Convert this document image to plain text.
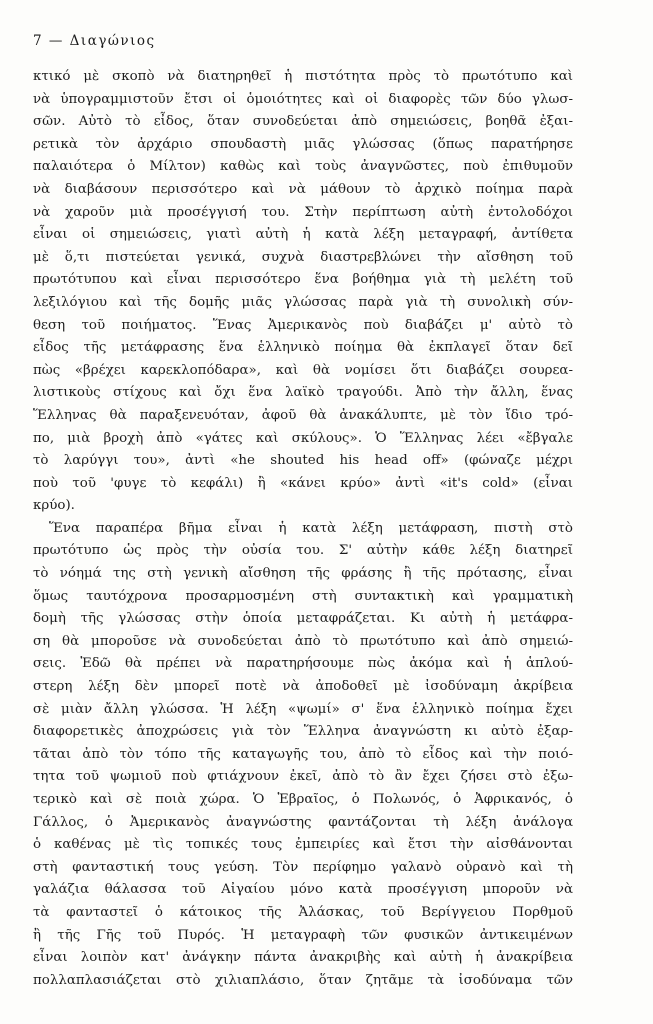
7 — Διαγώνιος
κτικό μὲ σκοπὸ νὰ διατηρηθεῖ ἡ πιστότητα πρὸς τὸ πρωτότυπο καὶ
νὰ ὑπογραμμιστοῦν ἔτσι οἱ ὁμοιότητες καὶ οἱ διαφορὲς τῶν δύο γλωσ-
σῶν. Αὐτὸ τὸ εἶδος, ὅταν συνοδεύεται ἀπὸ σημειώσεις, βοηθᾶ ἐξαι-
ρετικὰ τὸν ἀρχάριο σπουδαστὴ μιᾶς γλώσσας (ὅπως παρατήρησε
παλαιότερα ὁ Μίλτον) καθὼς καὶ τοὺς ἀναγνῶστες, ποὺ ἐπιθυμοῦν
νὰ διαβάσουν περισσότερο καὶ νὰ μάθουν τὸ ἀρχικὸ ποίημα παρὰ
νὰ χαροῦν μιὰ προσέγγισή του. Στὴν περίπτωση αὐτὴ ἐντολοδόχοι
εἶναι οἱ σημειώσεις, γιατὶ αὐτὴ ἡ κατὰ λέξη μεταγραφή, ἀντίθετα
μὲ ὅ,τι πιστεύεται γενικά, συχνὰ διαστρεβλώνει τὴν αἴσθηση τοῦ
πρωτότυπου καὶ εἶναι περισσότερο ἕνα βοήθημα γιὰ τὴ μελέτη τοῦ
λεξιλόγιου καὶ τῆς δομῆς μιᾶς γλώσσας παρὰ γιὰ τὴ συνολικὴ σύν-
θεση τοῦ ποιήματος. Ἕνας Ἀμερικανὸς ποὺ διαβάζει μ' αὐτὸ τὸ
εἶδος τῆς μετάφρασης ἕνα ἑλληνικὸ ποίημα θὰ ἐκπλαγεῖ ὅταν δεῖ
πὼς «βρέχει καρεκλοπόδαρα», καὶ θὰ νομίσει ὅτι διαβάζει σουρεα-
λιστικοὺς στίχους καὶ ὄχι ἕνα λαϊκὸ τραγούδι. Ἀπὸ τὴν ἄλλη, ἕνας
Ἕλληνας θὰ παραξενευόταν, ἀφοῦ θὰ ἀνακάλυπτε, μὲ τὸν ἴδιο τρό-
πο, μιὰ βροχὴ ἀπὸ «γάτες καὶ σκύλους». Ὁ Ἕλληνας λέει «ἔβγαλε
τὸ λαρύγγι του», ἀντὶ «he shouted his head off» (φώναζε μέχρι
ποὺ τοῦ 'φυγε τὸ κεφάλι) ἢ «κάνει κρύο» ἀντὶ «it's cold» (εἶναι
κρύο).
Ἕνα παραπέρα βῆμα εἶναι ἡ κατὰ λέξη μετάφραση, πιστὴ στὸ
πρωτότυπο ὡς πρὸς τὴν οὐσία του. Σ' αὐτὴν κάθε λέξη διατηρεῖ
τὸ νόημά της στὴ γενικὴ αἴσθηση τῆς φράσης ἢ τῆς πρότασης, εἶναι
ὅμως ταυτόχρονα προσαρμοσμένη στὴ συντακτικὴ καὶ γραμματικὴ
δομὴ τῆς γλώσσας στὴν ὁποία μεταφράζεται. Κι αὐτὴ ἡ μετάφρα-
ση θὰ μποροῦσε νὰ συνοδεύεται ἀπὸ τὸ πρωτότυπο καὶ ἀπὸ σημειώ-
σεις. Ἐδῶ θὰ πρέπει νὰ παρατηρήσουμε πὼς ἀκόμα καὶ ἡ ἁπλού-
στερη λέξη δὲν μπορεῖ ποτὲ νὰ ἀποδοθεῖ μὲ ἰσοδύναμη ἀκρίβεια
σὲ μιὰν ἄλλη γλώσσα. Ἡ λέξη «ψωμί» σ' ἕνα ἑλληνικὸ ποίημα ἔχει
διαφορετικὲς ἀποχρώσεις γιὰ τὸν Ἕλληνα ἀναγνώστη κι αὐτὸ ἐξαρ-
τᾶται ἀπὸ τὸν τόπο τῆς καταγωγῆς του, ἀπὸ τὸ εἶδος καὶ τὴν ποιό-
τητα τοῦ ψωμιοῦ ποὺ φτιάχνουν ἐκεῖ, ἀπὸ τὸ ἂν ἔχει ζήσει στὸ ἐξω-
τερικὸ καὶ σὲ ποιὰ χώρα. Ὁ Ἑβραῖος, ὁ Πολωνός, ὁ Ἀφρικανός, ὁ
Γάλλος, ὁ Ἀμερικανὸς ἀναγνώστης φαντάζονται τὴ λέξη ἀνάλογα
ὁ καθένας μὲ τὶς τοπικές τους ἐμπειρίες καὶ ἔτσι τὴν αἰσθάνονται
στὴ φανταστική τους γεύση. Τὸν περίφημο γαλανὸ οὐρανὸ καὶ τὴ
γαλάζια θάλασσα τοῦ Αἰγαίου μόνο κατὰ προσέγγιση μποροῦν νὰ
τὰ φανταστεῖ ὁ κάτοικος τῆς Ἀλάσκας, τοῦ Βερίγγειου Πορθμοῦ
ἢ τῆς Γῆς τοῦ Πυρός. Ἡ μεταγραφὴ τῶν φυσικῶν ἀντικειμένων
εἶναι λοιπὸν κατ' ἀνάγκην πάντα ἀνακριβὴς καὶ αὐτὴ ἡ ἀνακρίβεια
πολλαπλασιάζεται στὸ χιλιαπλάσιο, ὅταν ζητᾶμε τὰ ἰσοδύναμα τῶν
